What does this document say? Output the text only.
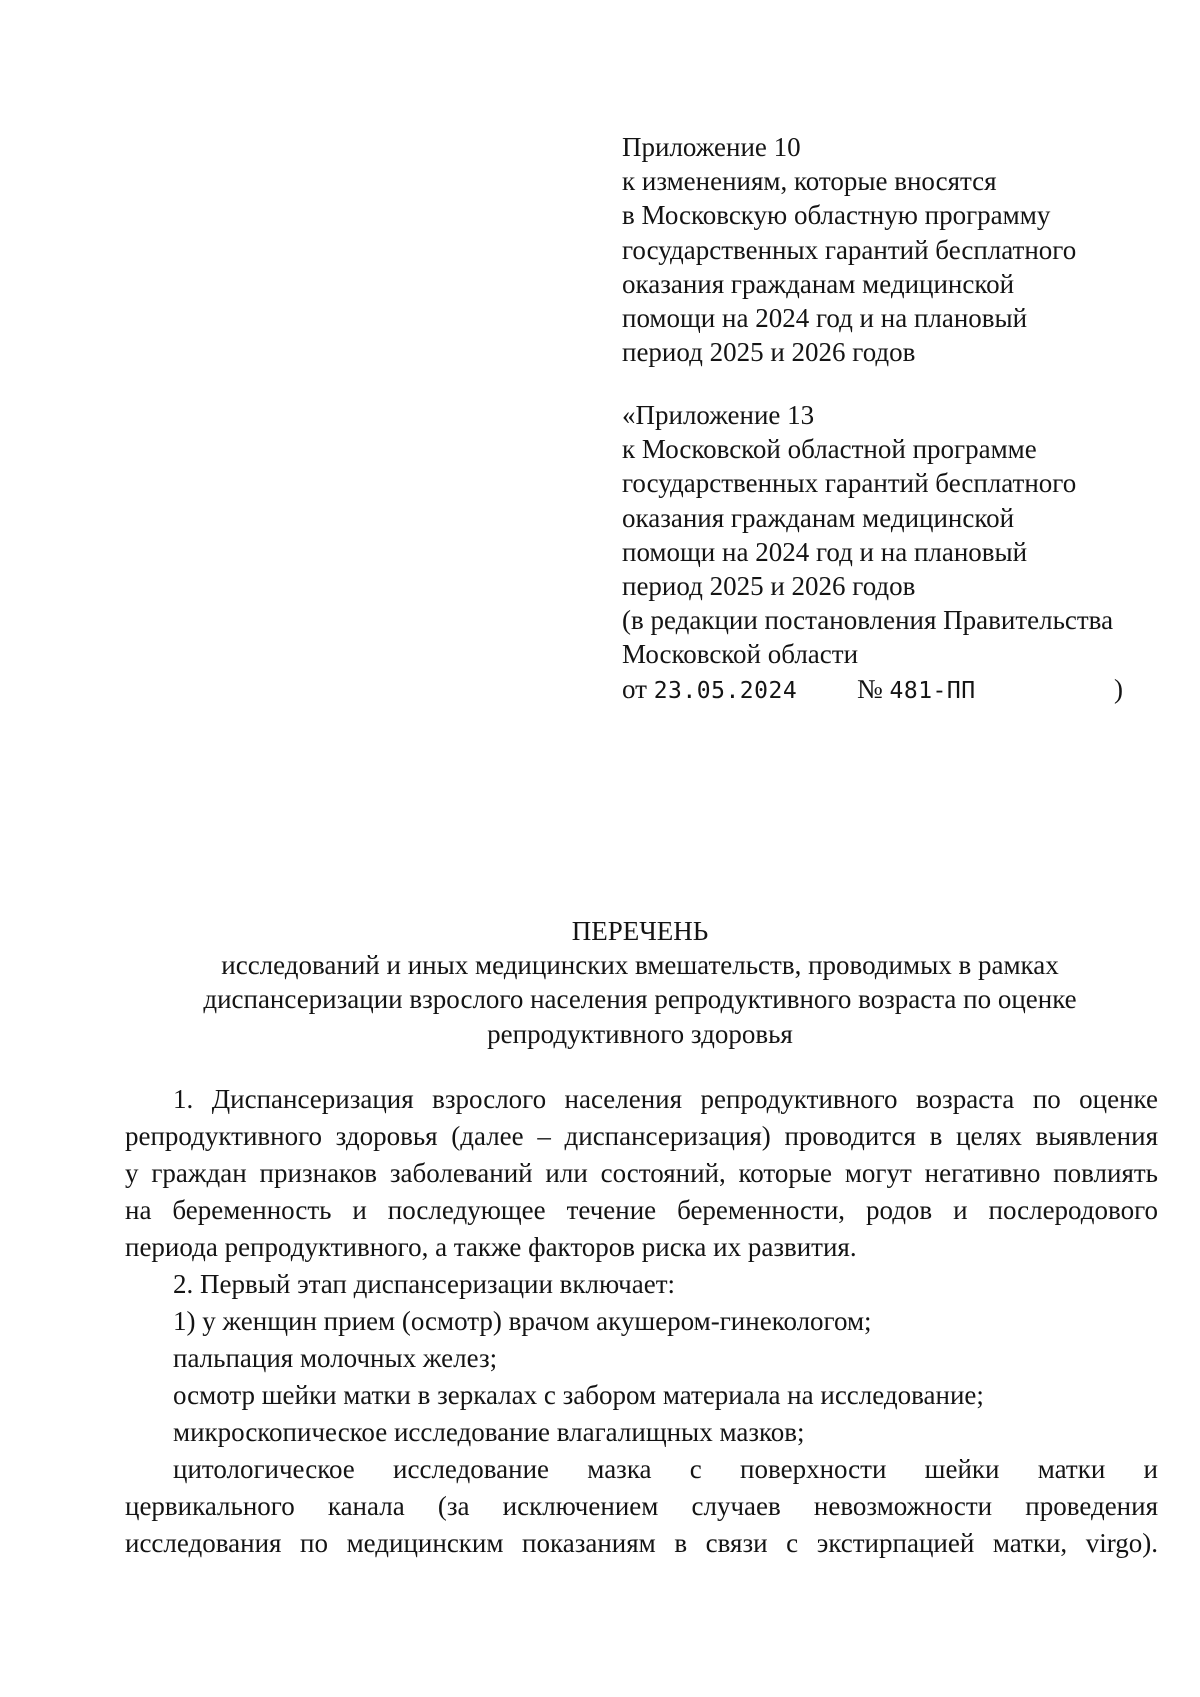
Приложение 10
к изменениям, которые вносятся
в Московскую областную программу
государственных гарантий бесплатного
оказания гражданам медицинской
помощи на 2024 год и на плановый
период 2025 и 2026 годов
«Приложение 13
к Московской областной программе
государственных гарантий бесплатного
оказания гражданам медицинской
помощи на 2024 год и на плановый
период 2025 и 2026 годов
(в редакции постановления Правительства
Московской области
от 23.05.2024 № 481-ПП	)
ПЕРЕЧЕНЬ
исследований и иных медицинских вмешательств, проводимых в рамках
диспансеризации взрослого населения репродуктивного возраста по оценке
репродуктивного здоровья
1. Диспансеризация взрослого населения репродуктивного возраста по оценке
репродуктивного здоровья (далее – диспансеризация) проводится в целях выявления
у граждан признаков заболеваний или состояний, которые могут негативно повлиять
на беременность и последующее течение беременности, родов и послеродового
периода репродуктивного, а также факторов риска их развития.
2. Первый этап диспансеризации включает:
1) у женщин прием (осмотр) врачом акушером-гинекологом;
пальпация молочных желез;
осмотр шейки матки в зеркалах с забором материала на исследование;
микроскопическое исследование влагалищных мазков;
цитологическое исследование мазка с поверхности шейки матки и
цервикального канала (за исключением случаев невозможности проведения
исследования по медицинским показаниям в связи с экстирпацией матки, virgo).
